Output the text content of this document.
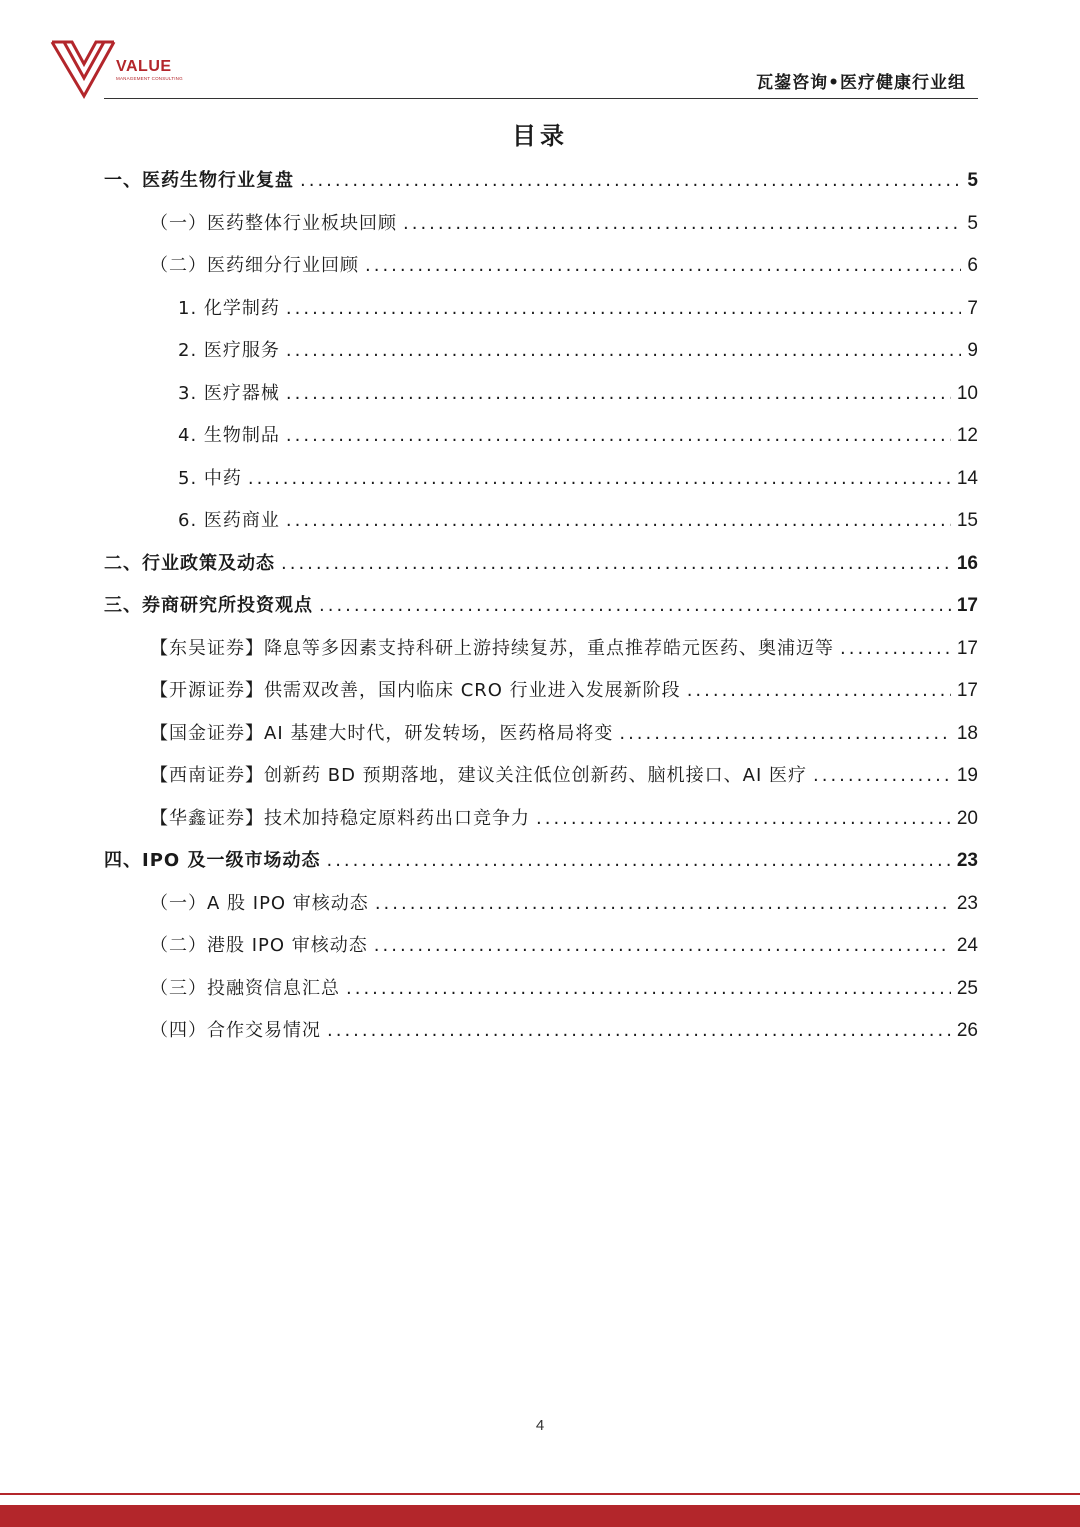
VALUE
MANAGEMENT CONSULTING	瓦鋆咨询•医疗健康行业组
目录
一、医药生物行业复盘 .....	5
（一）医药整体行业板块回顾 .....	5
（二）医药细分行业回顾 .....	6
1. 化学制药 .....	7
2. 医疗服务 .....	9
3. 医疗器械 .....	10
4. 生物制品 .....	12
5. 中药 .....	14
6. 医药商业 .....	15
二、行业政策及动态 .....	16
三、券商研究所投资观点 .....	17
【东吴证券】降息等多因素支持科研上游持续复苏，重点推荐皓元医药、奥浦迈等 .....	17
【开源证券】供需双改善，国内临床 CRO 行业进入发展新阶段 .....	17
【国金证券】AI 基建大时代，研发转场，医药格局将变 .....	18
【西南证券】创新药 BD 预期落地，建议关注低位创新药、脑机接口、AI 医疗 .....	19
【华鑫证券】技术加持稳定原料药出口竞争力 .....	20
四、IPO 及一级市场动态 .....	23
（一）A 股 IPO 审核动态 .....	23
（二）港股 IPO 审核动态 .....	24
（三）投融资信息汇总 .....	25
（四）合作交易情况 .....	26
4
